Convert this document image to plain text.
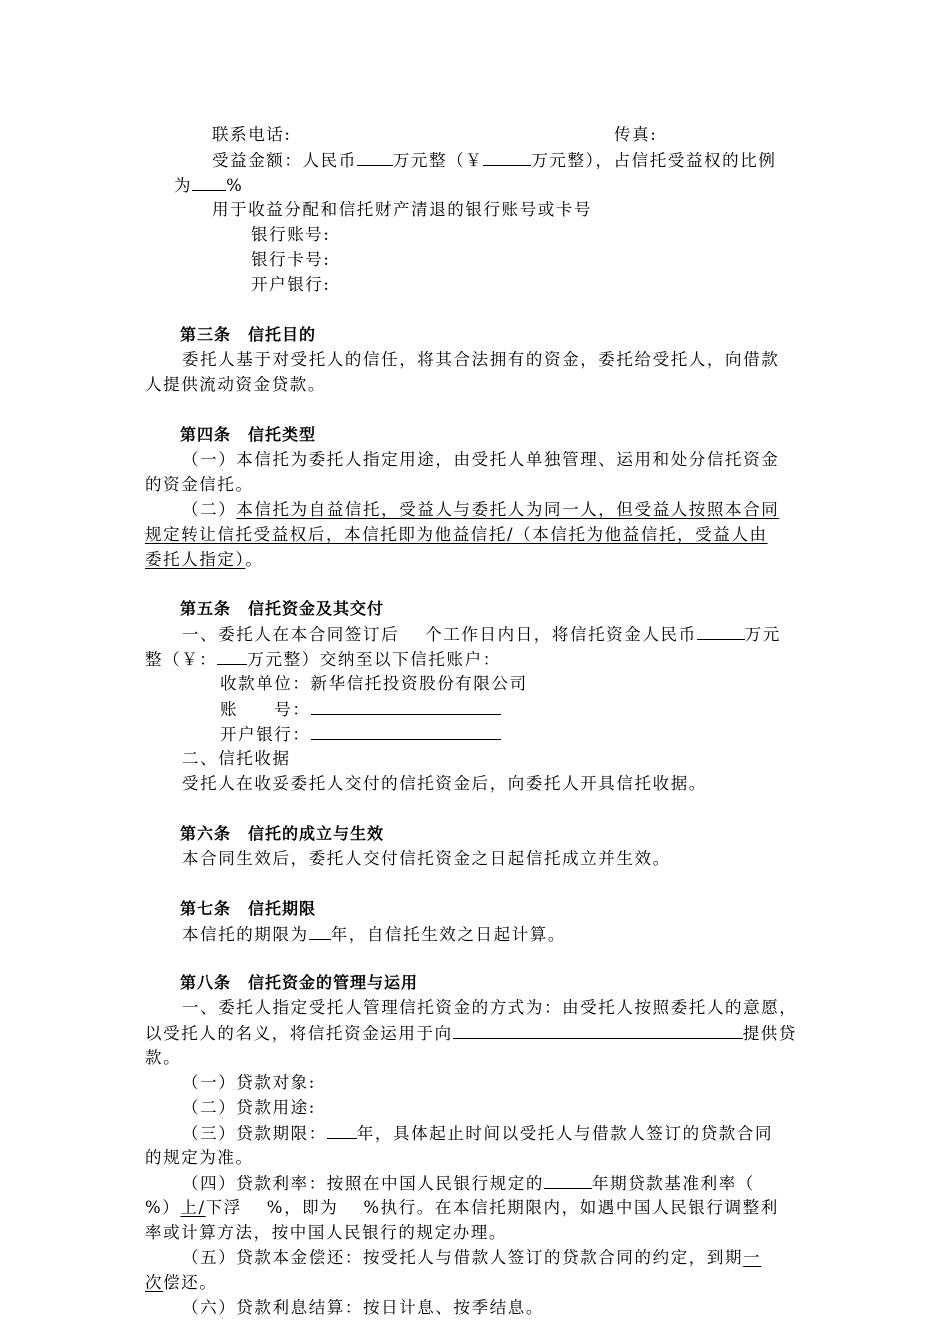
联系电话:	传真:
受益金额：人民币 万元整（￥	万元整），占信托受益权的比例
为 %
用于收益分配和信托财产清退的银行账号或卡号
银行账号:
银行卡号:
开户银行:
第三条　信托目的
委托人基于对受托人的信任，将其合法拥有的资金，委托给受托人，向借款
人提供流动资金贷款。
第四条　信托类型
（一）本信托为委托人指定用途，由受托人单独管理、运用和处分信托资金
的资金信托。
（二）本信托为自益信托，受益人与委托人为同一人，但受益人按照本合同
规定转让信托受益权后，本信托即为他益信托/（本信托为他益信托，受益人由
委托人指定）。
第五条　信托资金及其交付
一、委托人在本合同签订后 个工作日内日，将信托资金人民币	万元
整（￥： 万元整）交纳至以下信托账户：
收款单位：新华信托投资股份有限公司
账　　号：
开户银行：
二、信托收据
受托人在收妥委托人交付的信托资金后，向委托人开具信托收据。
第六条　信托的成立与生效
本合同生效后，委托人交付信托资金之日起信托成立并生效。
第七条　信托期限
本信托的期限为 年，自信托生效之日起计算。
第八条　信托资金的管理与运用
一、委托人指定受托人管理信托资金的方式为：由受托人按照委托人的意愿，
以受托人的名义，将信托资金运用于向	提供贷
款。
（一）贷款对象:
（二）贷款用途:
（三）贷款期限： 年，具体起止时间以受托人与借款人签订的贷款合同
的规定为准。
（四）贷款利率：按照在中国人民银行规定的	年期贷款基准利率（
%）上/下浮　 %，即为　 %执行。在本信托期限内，如遇中国人民银行调整利
率或计算方法，按中国人民银行的规定办理。
（五）贷款本金偿还：按受托人与借款人签订的贷款合同的约定，到期一
次偿还。
（六）贷款利息结算：按日计息、按季结息。
